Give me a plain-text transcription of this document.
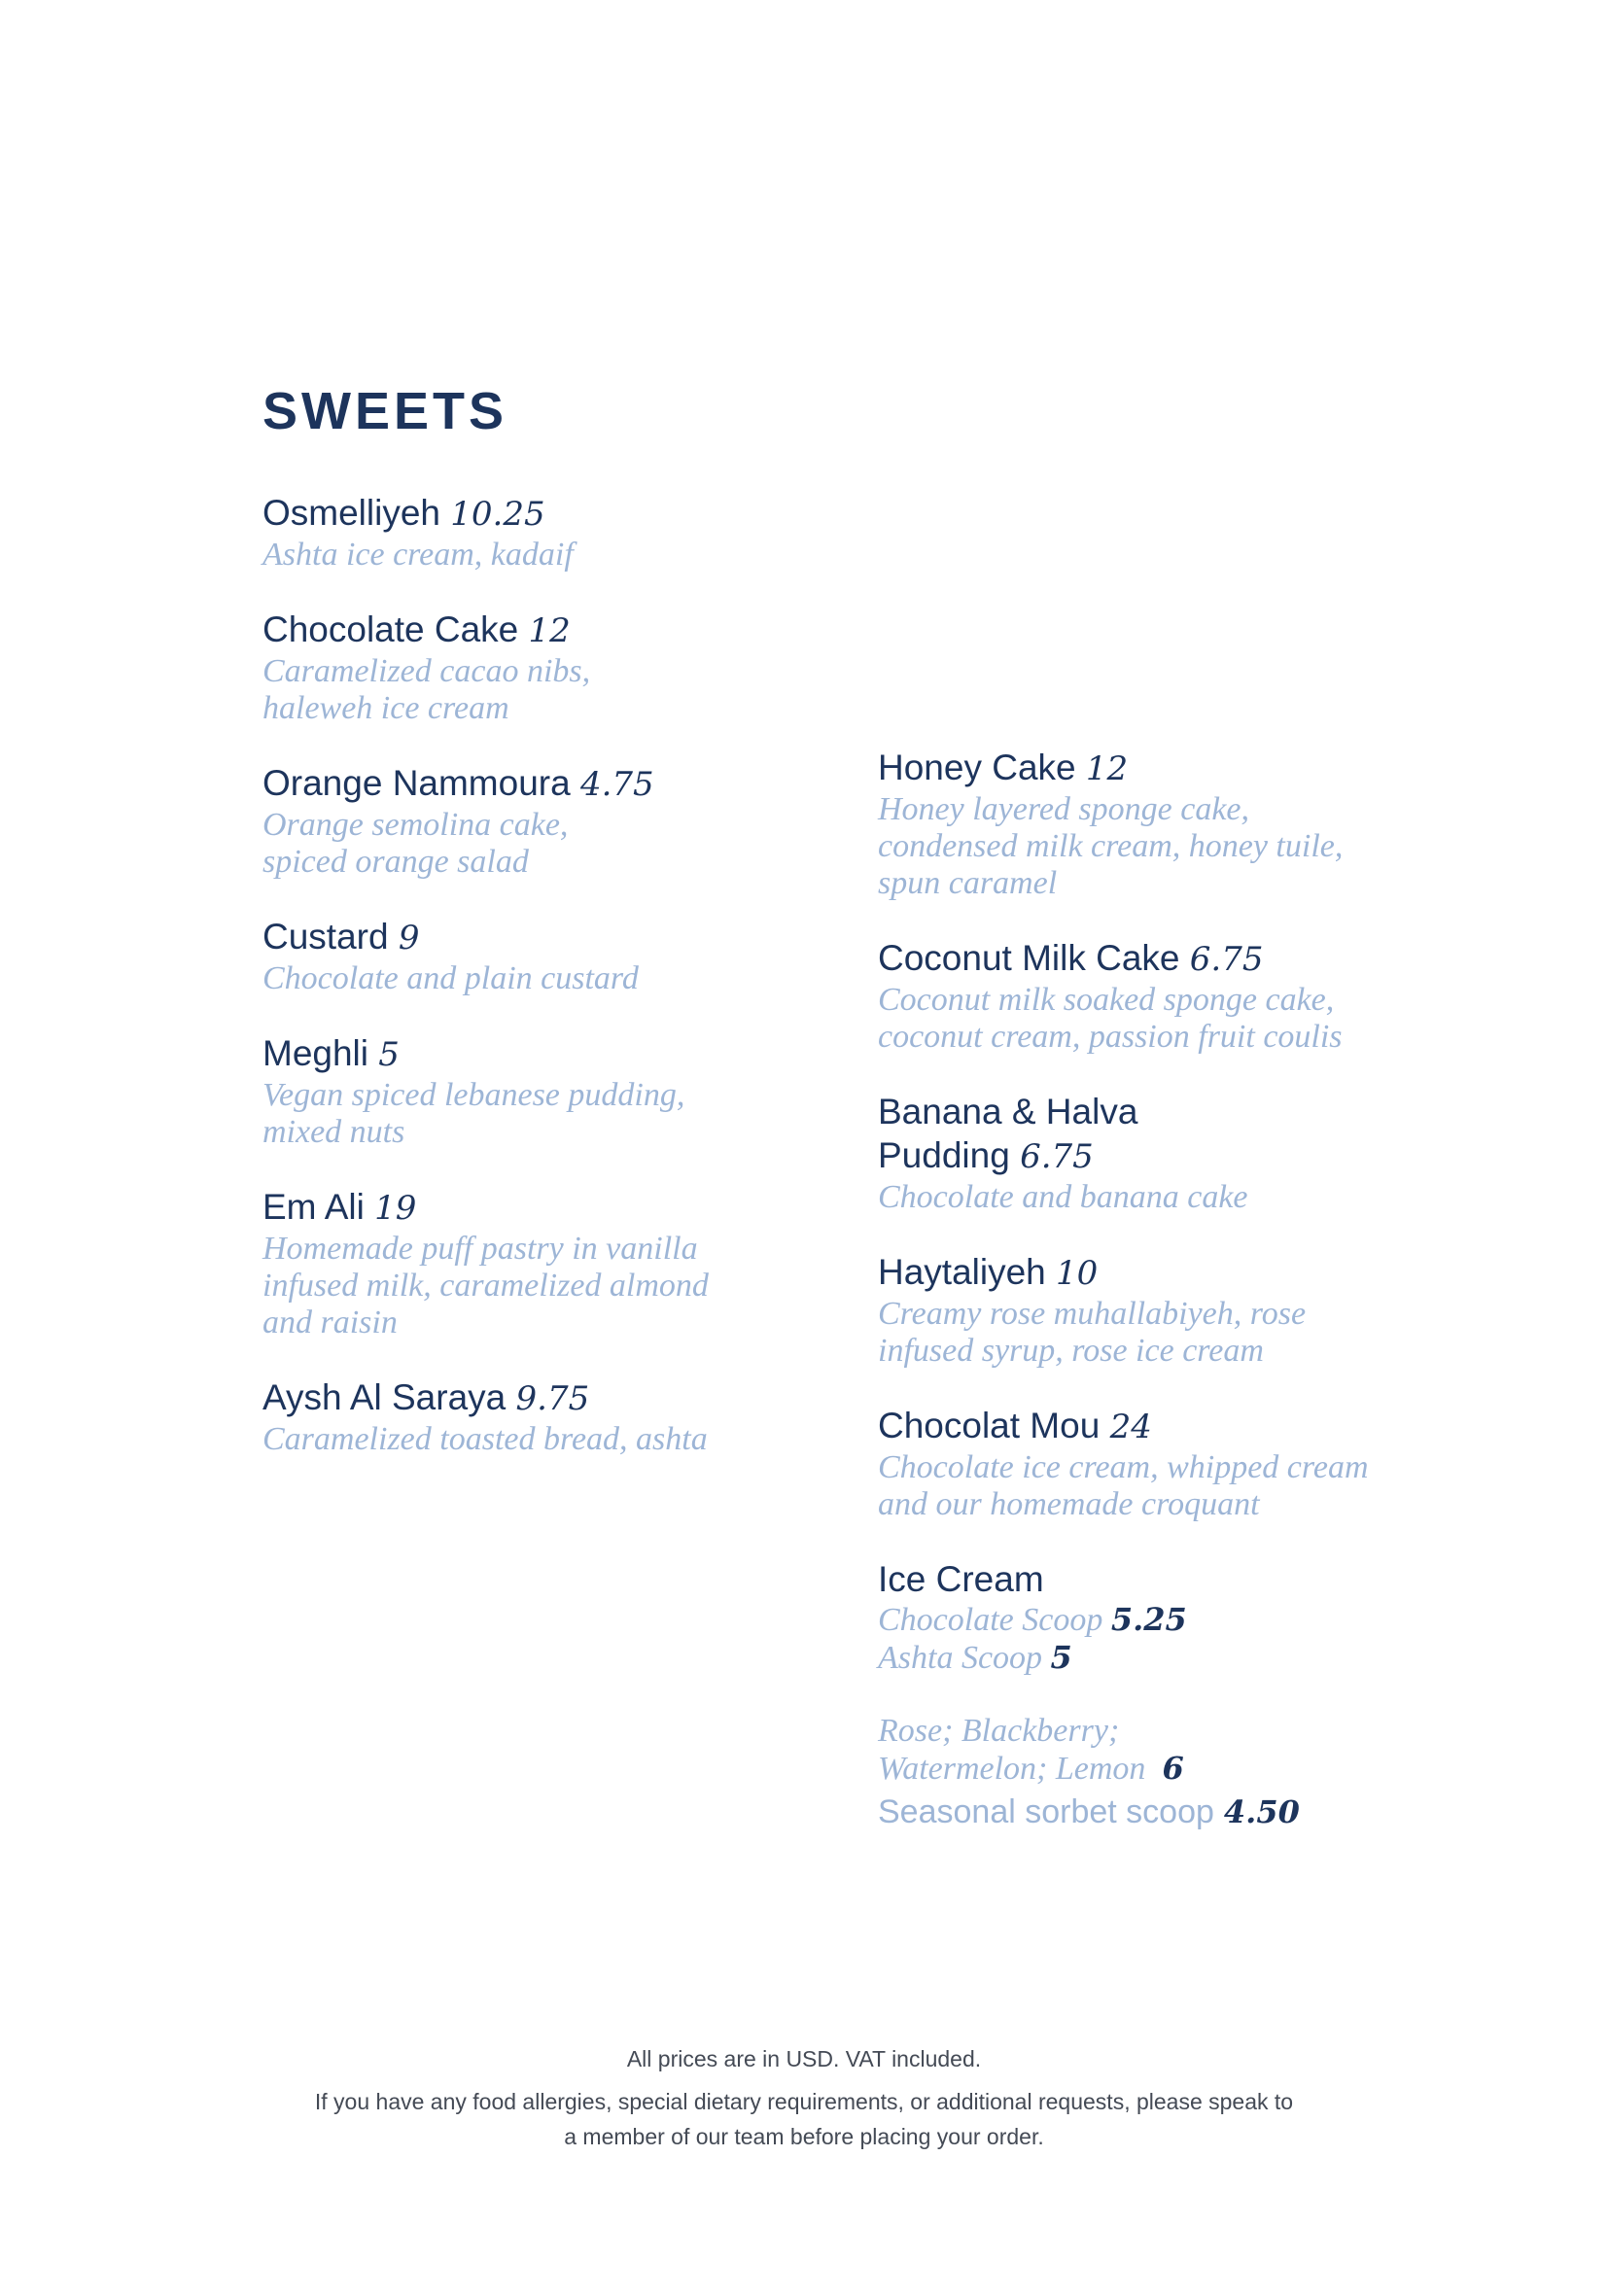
SWEETS
Osmelliyeh 10.25
Ashta ice cream, kadaif
Chocolate Cake 12
Caramelized cacao nibs,
haleweh ice cream
Orange Nammoura 4.75
Orange semolina cake,
spiced orange salad
Custard 9
Chocolate and plain custard
Meghli 5
Vegan spiced lebanese pudding,
mixed nuts
Em Ali 19
Homemade puff pastry in vanilla
infused milk, caramelized almond
and raisin
Aysh Al Saraya 9.75
Caramelized toasted bread, ashta
Honey Cake 12
Honey layered sponge cake,
condensed milk cream, honey tuile,
spun caramel
Coconut Milk Cake 6.75
Coconut milk soaked sponge cake,
coconut cream, passion fruit coulis
Banana & Halva
Pudding 6.75
Chocolate and banana cake
Haytaliyeh 10
Creamy rose muhallabiyeh, rose
infused syrup, rose ice cream
Chocolat Mou 24
Chocolate ice cream, whipped cream
and our homemade croquant
Ice Cream
Chocolate Scoop 5.25
Ashta Scoop 5
Rose; Blackberry;
Watermelon; Lemon 6
Seasonal sorbet scoop 4.50

All prices are in USD. VAT included.

If you have any food allergies, special dietary requirements, or additional requests, please speak to a member of our team before placing your order.
